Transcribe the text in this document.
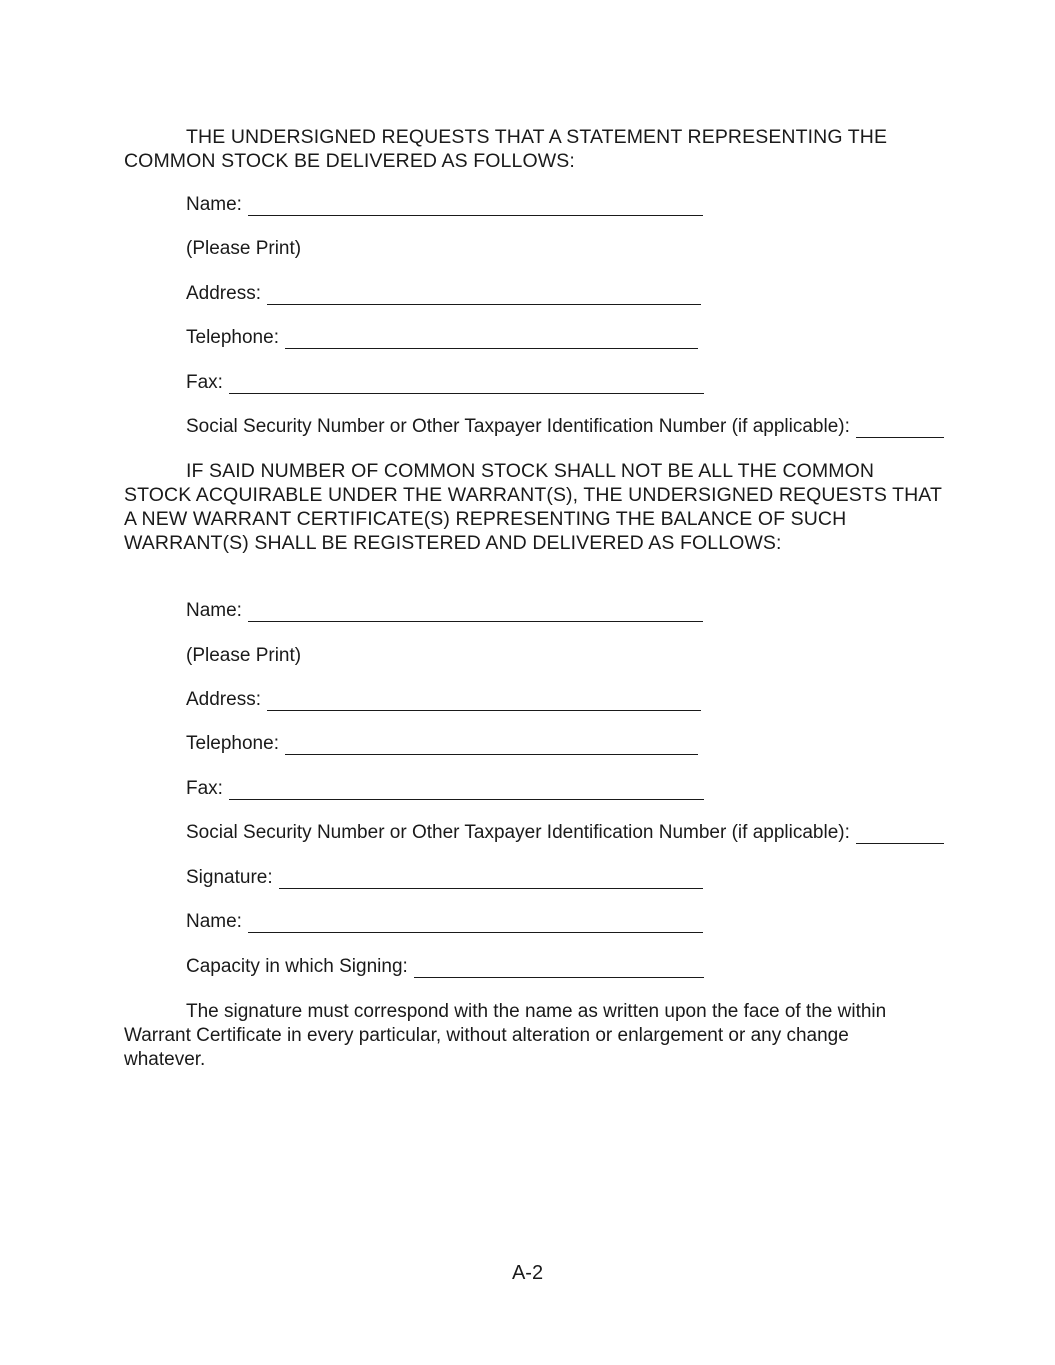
THE UNDERSIGNED REQUESTS THAT A STATEMENT REPRESENTING THE COMMON STOCK BE DELIVERED AS FOLLOWS:

Name:

(Please Print)

Address:

Telephone:

Fax:

Social Security Number or Other Taxpayer Identification Number (if applicable):

IF SAID NUMBER OF COMMON STOCK SHALL NOT BE ALL THE COMMON STOCK ACQUIRABLE UNDER THE WARRANT(S), THE UNDERSIGNED REQUESTS THAT A NEW WARRANT CERTIFICATE(S) REPRESENTING THE BALANCE OF SUCH WARRANT(S) SHALL BE REGISTERED AND DELIVERED AS FOLLOWS:

Name:

(Please Print)

Address:

Telephone:

Fax:

Social Security Number or Other Taxpayer Identification Number (if applicable):

Signature:

Name:

Capacity in which Signing:

The signature must correspond with the name as written upon the face of the within Warrant Certificate in every particular, without alteration or enlargement or any change whatever.

A-2
